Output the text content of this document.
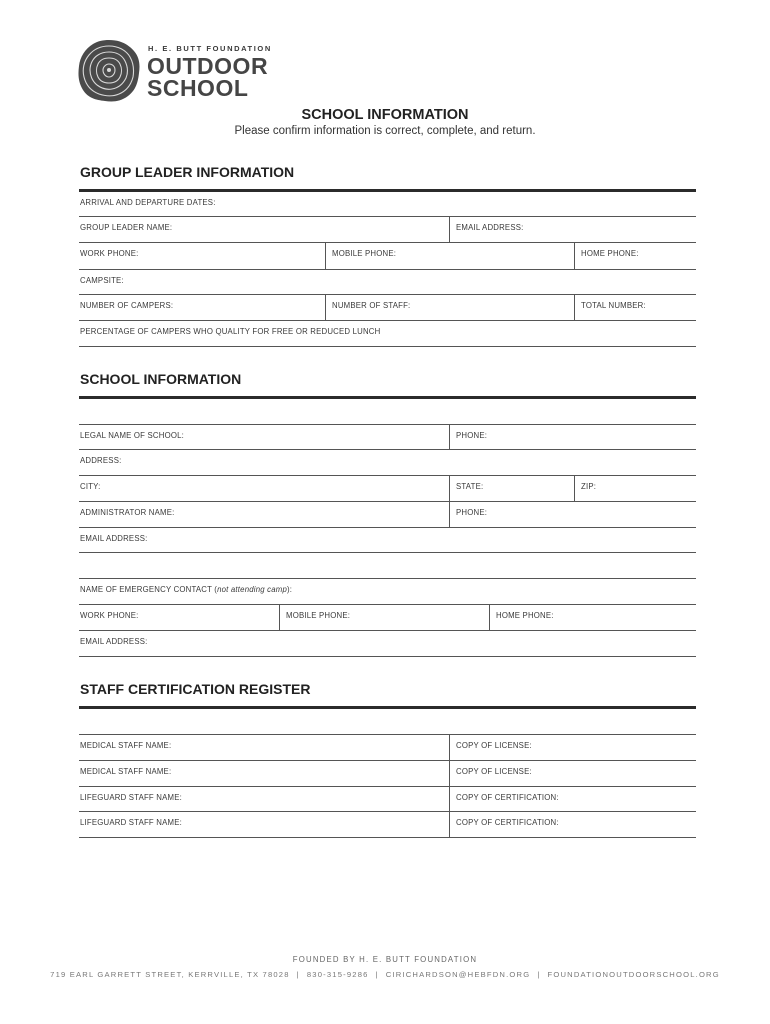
H. E. BUTT FOUNDATION
OUTDOOR
SCHOOL
SCHOOL INFORMATION
Please confirm information is correct, complete, and return.
GROUP LEADER INFORMATION
ARRIVAL AND DEPARTURE DATES:
GROUP LEADER NAME:	EMAIL ADDRESS:
WORK PHONE:	MOBILE PHONE:	HOME PHONE:
CAMPSITE:
NUMBER OF CAMPERS:	NUMBER OF STAFF:	TOTAL NUMBER:
PERCENTAGE OF CAMPERS WHO QUALITY FOR FREE OR REDUCED LUNCH
SCHOOL INFORMATION
LEGAL NAME OF SCHOOL:	PHONE:
ADDRESS:
CITY:	STATE:	ZIP:
ADMINISTRATOR NAME:	PHONE:
EMAIL ADDRESS:
NAME OF EMERGENCY CONTACT (not attending camp):
WORK PHONE:	MOBILE PHONE:	HOME PHONE:
EMAIL ADDRESS:
STAFF CERTIFICATION REGISTER
MEDICAL STAFF NAME:	COPY OF LICENSE:
MEDICAL STAFF NAME:	COPY OF LICENSE:
LIFEGUARD STAFF NAME:	COPY OF CERTIFICATION:
LIFEGUARD STAFF NAME:	COPY OF CERTIFICATION:
FOUNDED BY H. E. BUTT FOUNDATION
719 EARL GARRETT STREET, KERRVILLE, TX 78028 | 830-315-9286 | CIRICHARDSON@HEBFDN.ORG | FOUNDATIONOUTDOORSCHOOL.ORG
